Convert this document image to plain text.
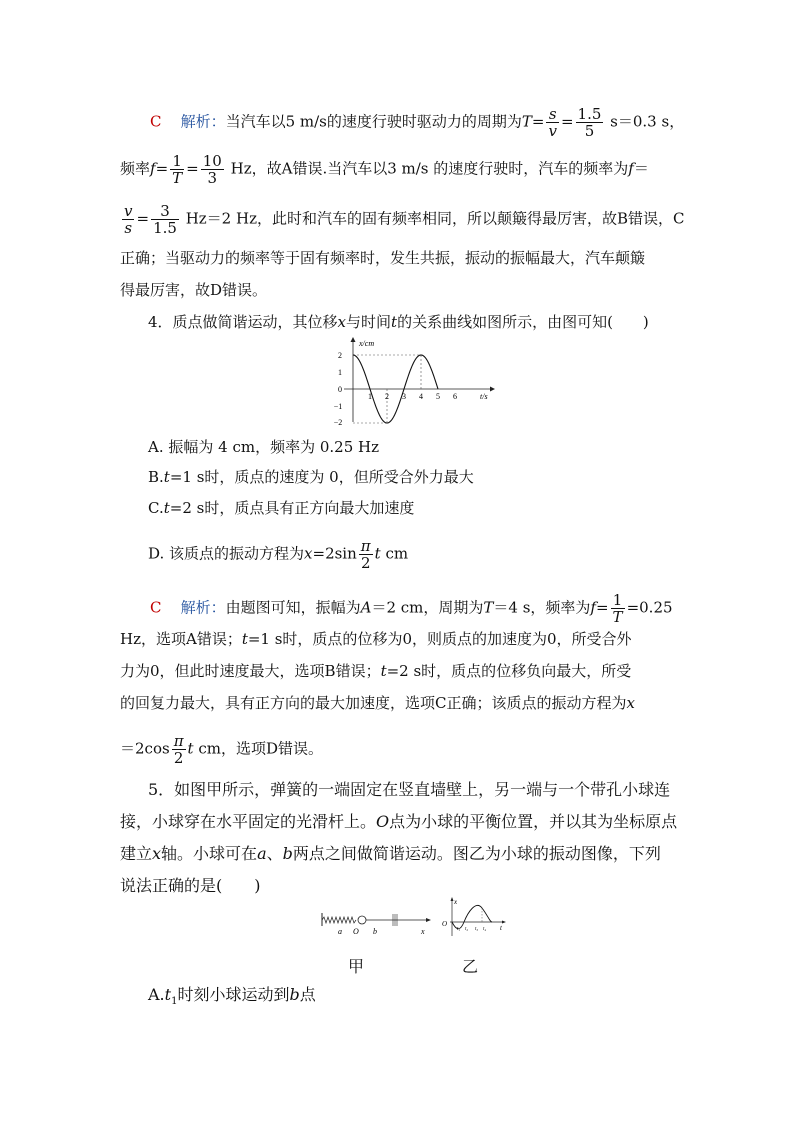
C 解析：当汽车以5 m/s的速度行驶时驱动力的周期为$T= \frac{s}{v} = \frac{1.5}{5} s=0.3$ s，
频率$f= \frac{1}{T} = \frac{10}{3}$ Hz，故A错误.当汽车以3 m/s 的速度行驶时，汽车的频率为f＝
$\frac{v}{s} = \frac{3}{1.5} Hz=2$ Hz，此时和汽车的固有频率相同，所以颠簸得最厉害，故B错误，C
正确；当驱动力的频率等于固有频率时，发生共振，振动的振幅最大，汽车颠簸
得最厉害，故D错误。
4．质点做简谐运动，其位移x与时间t的关系曲线如图所示，由图可知(　　)
2
1
0
−1
−2
1 2 3 4 5 6
x/cm
t/s
A. 振幅为 4 cm，频率为 0.25 Hz
B.t=1 s时，质点的速度为 0，但所受合外力最大
C.t=2 s时，质点具有正方向最大加速度
D. 该质点的振动方程为$x=2\sin \frac{\pi}{2}$ t cm
C 解析：由题图可知，振幅为A＝2 cm，周期为T＝4 s，频率为$f= \frac{1}{T} =0.25$
Hz，选项A错误；t=1 s时，质点的位移为0，则质点的加速度为0，所受合外
力为0，但此时速度最大，选项B错误；t=2 s时，质点的位移负向最大，所受
的回复力最大，具有正方向的最大加速度，选项C正确；该质点的振动方程为x
$=2\cos \frac{\pi}{2}$ t cm，选项D错误。
5．如图甲所示，弹簧的一端固定在竖直墙壁上，另一端与一个带孔小球连
接，小球穿在水平固定的光滑杆上。O点为小球的平衡位置，并以其为坐标原点
建立x轴。小球可在a、b两点之间做简谐运动。图乙为小球的振动图像，下列
说法正确的是(　　)
a O b	x
x
O	t
t₁ t₂ t₃ t₄
甲	乙
$A.t_1$时刻小球运动到b点
